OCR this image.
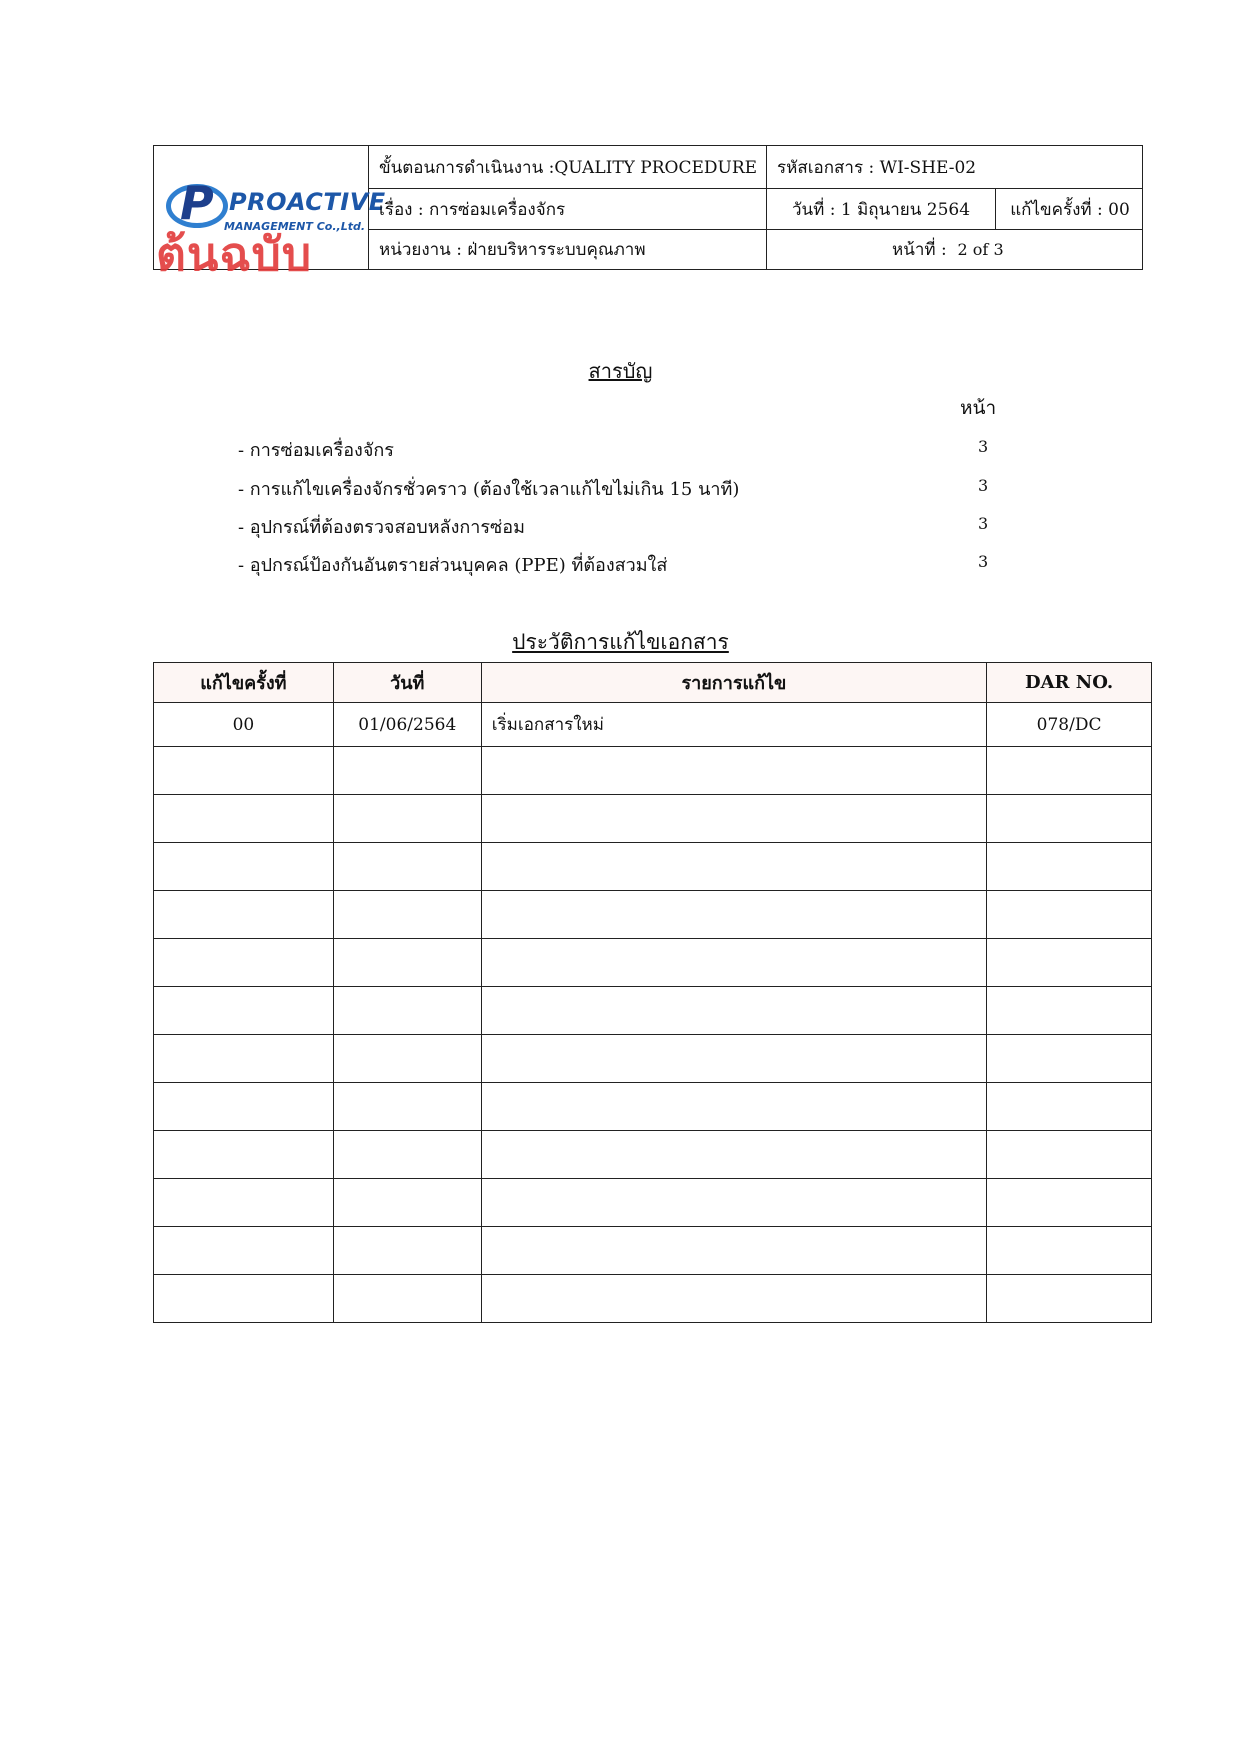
P PROACTIVE
MANAGEMENT Co.,Ltd.
ต้นฉบับ
ขั้นตอนการดำเนินงาน :QUALITY PROCEDURE	รหัสเอกสาร : WI-SHE-02
เรื่อง : การซ่อมเครื่องจักร	วันที่ : 1 มิถุนายน 2564	แก้ไขครั้งที่ : 00
หน่วยงาน : ฝ่ายบริหารระบบคุณภาพ	หน้าที่ :
2 of 3
สารบัญ
หน้า
- การซ่อมเครื่องจักร	3
- การแก้ไขเครื่องจักรชั่วคราว (ต้องใช้เวลาแก้ไขไม่เกิน 15 นาที)	3
- อุปกรณ์ที่ต้องตรวจสอบหลังการซ่อม	3
- อุปกรณ์ป้องกันอันตรายส่วนบุคคล (PPE) ที่ต้องสวมใส่	3
ประวัติการแก้ไขเอกสาร
แก้ไขครั้งที่	วันที่	รายการแก้ไข	DAR NO.
00	01/06/2564	เริ่มเอกสารใหม่	078/DC
